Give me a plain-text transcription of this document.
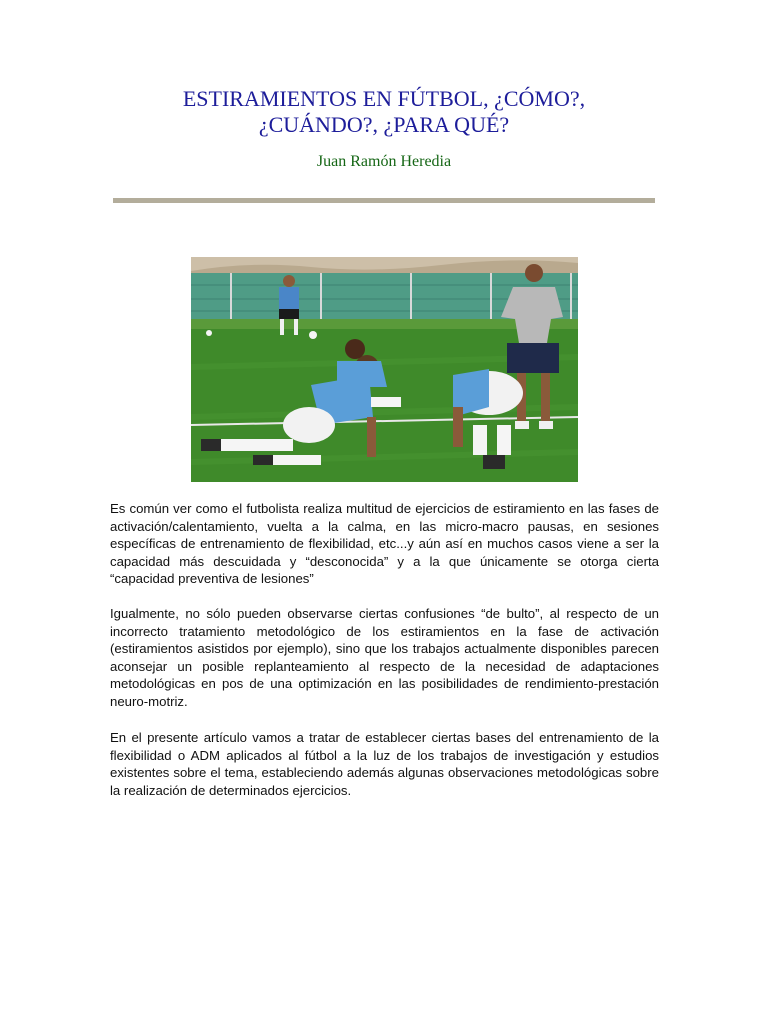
ESTIRAMIENTOS EN FÚTBOL, ¿CÓMO?,
¿CUÁNDO?, ¿PARA QUÉ?
Juan Ramón Heredia

Es común ver como el futbolista realiza multitud de ejercicios de estiramiento en las fases de activación/calentamiento, vuelta a la calma, en las micro-macro pausas, en sesiones específicas de entrenamiento de flexibilidad, etc...y aún así en muchos casos viene a ser la capacidad más descuidada y “desconocida” y a la que únicamente se otorga cierta “capacidad preventiva de lesiones”

Igualmente, no sólo pueden observarse ciertas confusiones “de bulto”, al respecto de un incorrecto tratamiento metodológico de los estiramientos en la fase de activación (estiramientos asistidos por ejemplo), sino que los trabajos actualmente disponibles parecen aconsejar un posible replanteamiento al respecto de la necesidad de adaptaciones metodológicas en pos de una optimización en las posibilidades de rendimiento-prestación neuro-motriz.

En el presente artículo vamos a tratar de establecer ciertas bases del entrenamiento de la flexibilidad o ADM aplicados al fútbol a la luz de los trabajos de investigación y estudios existentes sobre el tema, estableciendo además algunas observaciones metodológicas sobre la realización de determinados ejercicios.
